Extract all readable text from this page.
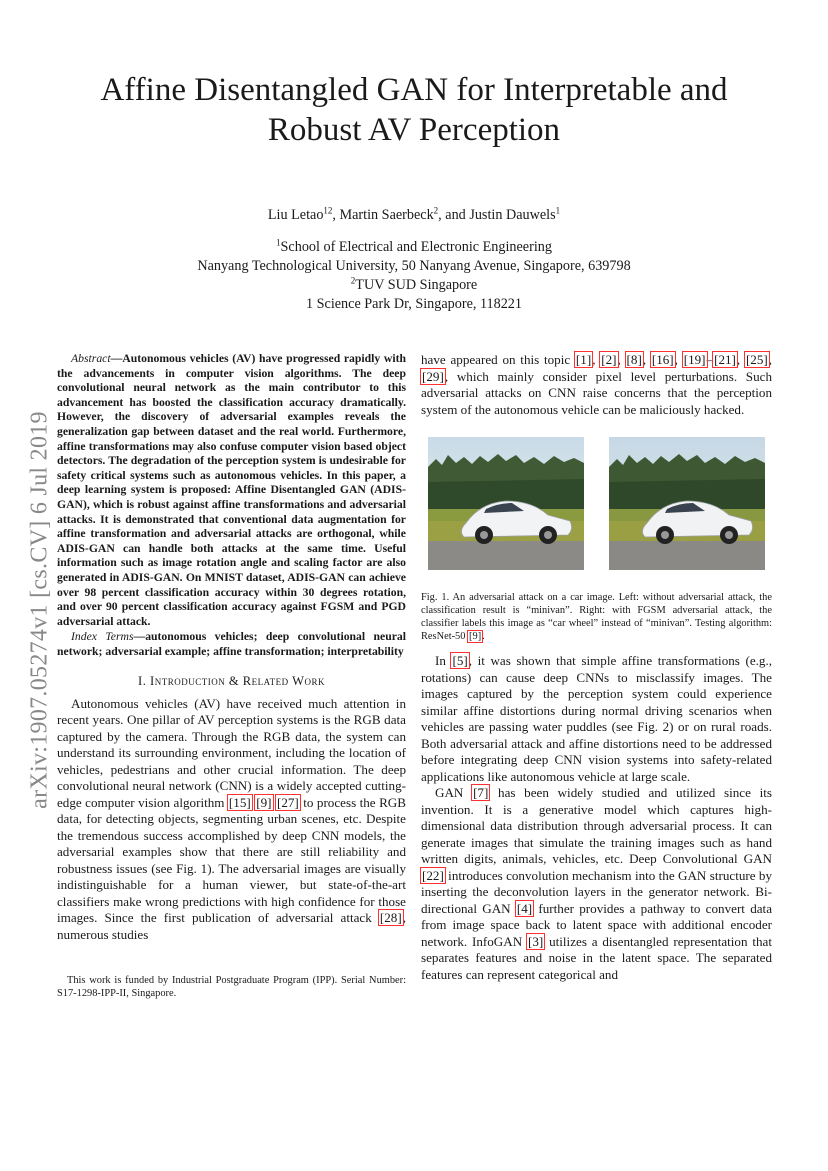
Affine Disentangled GAN for Interpretable and
Robust AV Perception
Liu Letao$^{12}$, Martin Saerbeck$^2$, and Justin Dauwels$^1$
$^1$School of Electrical and Electronic Engineering
Nanyang Technological University, 50 Nanyang Avenue, Singapore, 639798
$^2$TUV SUD Singapore
1 Science Park Dr, Singapore, 118221
arXiv:1907.05274v1 [cs.CV] 6 Jul 2019
Abstract—Autonomous vehicles (AV) have progressed rapidly with the advancements in computer vision algorithms. The deep convolutional neural network as the main contributor to this advancement has boosted the classification accuracy dramatically. However, the discovery of adversarial examples reveals the generalization gap between dataset and the real world. Furthermore, affine transformations may also confuse computer vision based object detectors. The degradation of the perception system is undesirable for safety critical systems such as autonomous vehicles. In this paper, a deep learning system is proposed: Affine Disentangled GAN (ADIS-GAN), which is robust against affine transformations and adversarial attacks. It is demonstrated that conventional data augmentation for affine transformation and adversarial attacks are orthogonal, while ADIS-GAN can handle both attacks at the same time. Useful information such as image rotation angle and scaling factor are also generated in ADIS-GAN. On MNIST dataset, ADIS-GAN can achieve over 98 percent classification accuracy within 30 degrees rotation, and over 90 percent classification accuracy against FGSM and PGD adversarial attack.
Index Terms—autonomous vehicles; deep convolutional neural network; adversarial example; affine transformation; interpretability
I. Introduction & Related Work

Autonomous vehicles (AV) have received much attention in recent years. One pillar of AV perception systems is the RGB data captured by the camera. Through the RGB data, the system can understand its surrounding environment, including the location of vehicles, pedestrians and other crucial information. The deep convolutional neural network (CNN) is a widely accepted cutting-edge computer vision algorithm [15] [9] [27] to process the RGB data, for detecting objects, segmenting urban scenes, etc. Despite the tremendous success accomplished by deep CNN models, the adversarial examples show that there are still reliability and robustness issues (see Fig. 1). The adversarial images are visually indistinguishable for a human viewer, but state-of-the-art classifiers make wrong predictions with high confidence for those images. Since the first publication of adversarial attack [28], numerous studies

This work is funded by Industrial Postgraduate Program (IPP). Serial Number: S17-1298-IPP-II, Singapore.

have appeared on this topic [1], [2], [8], [16], [19]–[21], [25], [29], which mainly consider pixel level perturbations. Such adversarial attacks on CNN raise concerns that the perception system of the autonomous vehicle can be maliciously hacked.

Fig. 1. An adversarial attack on a car image. Left: without adversarial attack, the classification result is “minivan”. Right: with FGSM adversarial attack, the classifier labels this image as “car wheel” instead of “minivan”. Testing algorithm: ResNet-50 [9].

In [5], it was shown that simple affine transformations (e.g., rotations) can cause deep CNNs to misclassify images. The images captured by the perception system could experience similar affine distortions during normal driving scenarios when vehicles are passing water puddles (see Fig. 2) or on rural roads. Both adversarial attack and affine distortions need to be addressed before integrating deep CNN vision systems into safety-related applications like autonomous vehicle at large scale.

GAN [7] has been widely studied and utilized since its invention. It is a generative model which captures high-dimensional data distribution through adversarial process. It can generate images that simulate the training images such as hand written digits, animals, vehicles, etc. Deep Convolutional GAN [22] introduces convolution mechanism into the GAN structure by inserting the deconvolution layers in the generator network. Bi-directional GAN [4] further provides a pathway to convert data from image space back to latent space with additional encoder network. InfoGAN [3] utilizes a disentangled representation that separates features and noise in the latent space. The separated features can represent categorical and
